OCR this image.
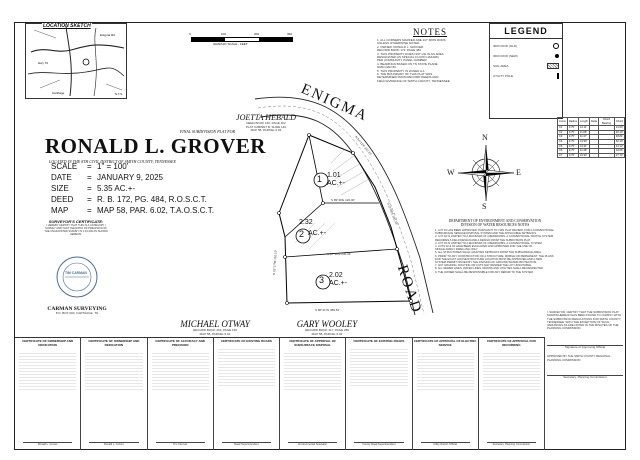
LOCATION SKETCH
Hwy 70
Enigma Rd
Carthage	N.T.S.
0	100	200	300
GRAPHIC SCALE - FEET
NOTES
1. ALL CORNERS MARKED ARE 1/2" IRON RODS
UNLESS OTHERWISE NOTED.
2. OWNER: RONALD L. GROVER
RECORD BOOK 172, PAGE 484
3. THIS PROPERTY DOES NOT LIE IN AN AREA
DESIGNATED AS SPECIAL FLOOD HAZARD
PER COMMUNITY PANEL NUMBER
4. BEARINGS BASED ON TN STATE PLANE
GRID NAD 83.
5. THIS PROPERTY IS ZONED A-1
6. THE BOUNDARY OF THIS PLAT WAS
DETERMINED FROM RECORD DEEDS AND
FIELD EVIDENCE OF SMITH COUNTY, TENNESSEE
LEGEND
IRON ROD (OLD)
IRON ROD (NEW)
SOIL AREA
UTILITY POLE
N
S
W	E
Curve	Radius	Length	Delta	Chord Bearing	Chord
C1	0.75'	12.11'			21.50'
C2	0.75'	11.08'			40.10'
C3	0.75'	11.37'			48.81'
C4	0.75'	12.90'			52.10'
C5	0.75'	12.31'			44.12'
C6	0.75'	11.48'			34.06'
C7	0.75'	10.93'			27.70'
N 54°12'E 210.33'
S 22°08'E 160.18'
S 86°41'W 389.52'
N 02°17'W 152.10'
S 89°40'E 120.00'
N 87°12'E 230.44'
ENIGMA
ROAD
1 1.01
AC.+-
2
2.32
AC.+-
3 2.02
AC.+-
JOETTA HEBALD
DEED BOOK 150, PAGE 102
PLAT CABINET B, SLIDE 146
MAP 58, PARCEL 6.03
MICHAEL OTWAY
RECORD BOOK 263, PAGE 139
MAP 58, PARCEL 6.01
GARY WOOLEY
RECORD BOOK 417, PAGE 289
MAP 58, PARCEL 6.02
FINAL SUBDIVISION PLAT FOR
RONALD L. GROVER
LOCATED IN THE 8TH CIVIL DISTRICT OF SMITH COUNTY, TENNESSEE
SCALE	= 1" = 100'
DATE	= JANUARY 9, 2025
SIZE	= 5.35 AC.+-
DEED	= R. B. 172, PG. 484, R.O.S.C.T.
MAP	= MAP 58, PAR. 6.02, T.A.O.S.C.T.
SURVEYOR'S CERTIFICATE:
I HEREBY CERTIFY THAT THIS IS A CATEGORY I SURVEY AND THAT THE RATIO OF PRECISION OF THE UNADJUSTED SURVEY IS 1:10,000 AS SHOWN HEREON.
TIM CARMAN
CARMAN SURVEYING
P.O. BOX 000, CARTHAGE, TN
DEPARTMENT OF ENVIRONMENT AND CONSERVATION
DIVISION OF WATER RESOURCES NOTES
1. LOT 01 HAS BEEN APPROVED, PURSUANT TO THIS PLAT REVIEW, FOR A CONVENTIONAL
SUBSURFACE SEWAGE DISPOSAL SYSTEM AND THE APPLICABLE SETBACKS.
2. LOT 02 IS LIMITED TO A MAXIMUM OF 4 BEDROOMS, A CONVENTIONAL SWITCH SYSTEM.
REQUIRES A FIELD DESIGN AND A DESIGN FROM THE SUBDIVISION PLAT.
3. LOT 03 IS LIMITED TO A MAXIMUM OF 4 BEDROOMS, A CONVENTIONAL SYSTEM.
4. LOTS 02 & 03 HAVE BEEN EVALUATED AND APPROVED FOR THE USE OF
SINGLE-FAMILY DWELLING ONLY.
5. ALL STRUCTURES SHALL MAINTAIN SETBACKS FROM THE SUBSURFACE AREA.
6. PRIOR TO ANY CONSTRUCTION OF A STRUCTURE, MOBILE OR PERMANENT, THE PLANS
FOR THE EXACT HOUSE/STRUCTURE LOCATION MUST BE APPROVED AND A NEW
SYSTEM PERMIT ISSUED BY THE DIVISION OF GROUND WATER PROTECTION.
7. ANY GRADING, ROUTING OR CUTS MAY RENDER THE LOT UNSUITABLE.
8. ALL SEWER LINES, WATER LINES, DRAINS AND UTILITIES SHALL BE RESPECTED.
9. THE OWNER SHALL BE RESPONSIBLE FOR ANY REPAIR TO THE SYSTEM.
I, SURVEYOR, CERTIFY THAT THE SUBDIVISION PLAT SHOWN HEREON HAS BEEN FOUND TO COMPLY WITH THE SUBDIVISION REGULATIONS FOR SMITH COUNTY, TENNESSEE, WITH THE EXCEPTION OF SUCH VARIANCES AS ARE NOTED IN THE MINUTES OF THE PLANNING COMMISSION.
Signature of Approving Official
APPROVED BY THE SMITH COUNTY REGIONAL PLANNING COMMISSION
Secretary, Planning Commission
CERTIFICATE OF OWNERSHIP AND DEDICATION
Ronald L. Grover
CERTIFICATE OF OWNERSHIP AND DEDICATION
Ronald L. Grover
CERTIFICATE OF ACCURACY AND PRECISION
Tim Carman
CERTIFICATE OF EXISTING ROADS
Road Superintendent
CERTIFICATE OF APPROVAL OF SUBSURFACE DISPOSAL
Environmental Specialist
CERTIFICATE OF EXISTING ROADS
County Road Superintendent
CERTIFICATE OF APPROVAL OF ELECTRIC SERVICE
Utility District Official
CERTIFICATE OF APPROVAL FOR RECORDING
Secretary, Planning Commission
